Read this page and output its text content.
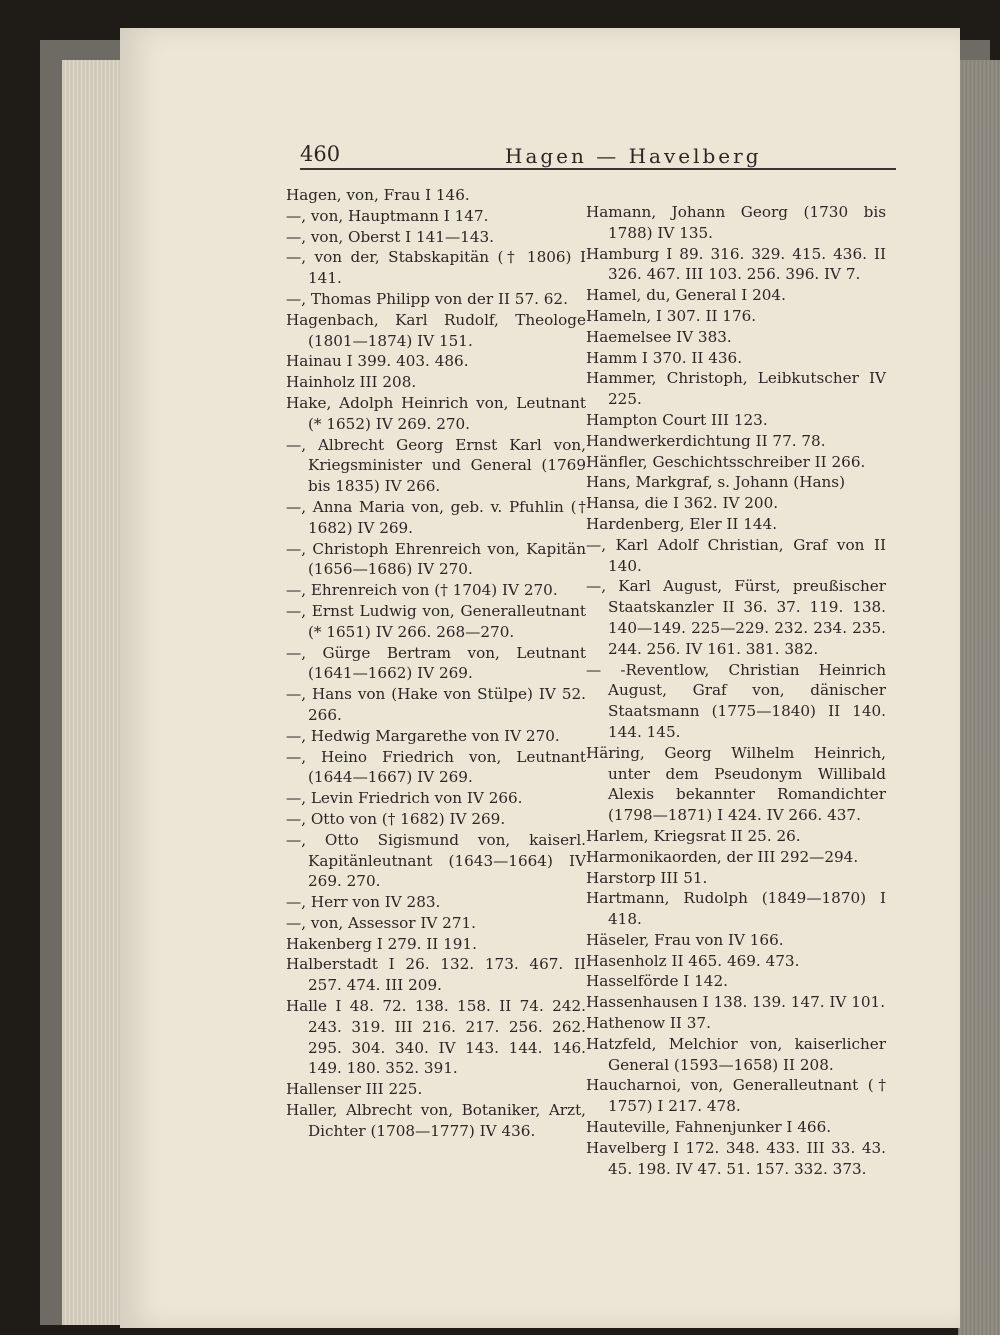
460	Hagen — Havelberg
Hagen, von, Frau I 146.
—, von, Hauptmann I 147.
—, von, Oberst I 141—143.
—, von der, Stabskapitän († 1806) I 141.
—, Thomas Philipp von der II 57. 62.
Hagenbach, Karl Rudolf, Theologe (1801—1874) IV 151.
Hainau I 399. 403. 486.
Hainholz III 208.
Hake, Adolph Heinrich von, Leutnant (* 1652) IV 269. 270.
—, Albrecht Georg Ernst Karl von, Kriegsminister und General (1769 bis 1835) IV 266.
—, Anna Maria von, geb. v. Pfuhlin († 1682) IV 269.
—, Christoph Ehrenreich von, Kapitän (1656—1686) IV 270.
—, Ehrenreich von († 1704) IV 270.
—, Ernst Ludwig von, Generalleutnant (* 1651) IV 266. 268—270.
—, Gürge Bertram von, Leutnant (1641—1662) IV 269.
—, Hans von (Hake von Stülpe) IV 52. 266.
—, Hedwig Margarethe von IV 270.
—, Heino Friedrich von, Leutnant (1644—1667) IV 269.
—, Levin Friedrich von IV 266.
—, Otto von († 1682) IV 269.
—, Otto Sigismund von, kaiserl. Kapitänleutnant (1643—1664) IV 269. 270.
—, Herr von IV 283.
—, von, Assessor IV 271.
Hakenberg I 279. II 191.
Halberstadt I 26. 132. 173. 467. II 257. 474. III 209.
Halle I 48. 72. 138. 158. II 74. 242. 243. 319. III 216. 217. 256. 262. 295. 304. 340. IV 143. 144. 146. 149. 180. 352. 391.
Hallenser III 225.
Haller, Albrecht von, Botaniker, Arzt, Dichter (1708—1777) IV 436.
Hamann, Johann Georg (1730 bis 1788) IV 135.
Hamburg I 89. 316. 329. 415. 436. II 326. 467. III 103. 256. 396. IV 7.
Hamel, du, General I 204.
Hameln, I 307. II 176.
Haemelsee IV 383.
Hamm I 370. II 436.
Hammer, Christoph, Leibkutscher IV 225.
Hampton Court III 123.
Handwerkerdichtung II 77. 78.
Hänfler, Geschichtsschreiber II 266.
Hans, Markgraf, s. Johann (Hans)
Hansa, die I 362. IV 200.
Hardenberg, Eler II 144.
—, Karl Adolf Christian, Graf von II 140.
—, Karl August, Fürst, preußischer Staatskanzler II 36. 37. 119. 138. 140—149. 225—229. 232. 234. 235. 244. 256. IV 161. 381. 382.
— -Reventlow, Christian Heinrich August, Graf von, dänischer Staatsmann (1775—1840) II 140. 144. 145.
Häring, Georg Wilhelm Heinrich, unter dem Pseudonym Willibald Alexis bekannter Romandichter (1798—1871) I 424. IV 266. 437.
Harlem, Kriegsrat II 25. 26.
Harmonikaorden, der III 292—294.
Harstorp III 51.
Hartmann, Rudolph (1849—1870) I 418.
Häseler, Frau von IV 166.
Hasenholz II 465. 469. 473.
Hasselförde I 142.
Hassenhausen I 138. 139. 147. IV 101.
Hathenow II 37.
Hatzfeld, Melchior von, kaiserlicher General (1593—1658) II 208.
Haucharnoi, von, Generalleutnant († 1757) I 217. 478.
Hauteville, Fahnenjunker I 466.
Havelberg I 172. 348. 433. III 33. 43. 45. 198. IV 47. 51. 157. 332. 373.
